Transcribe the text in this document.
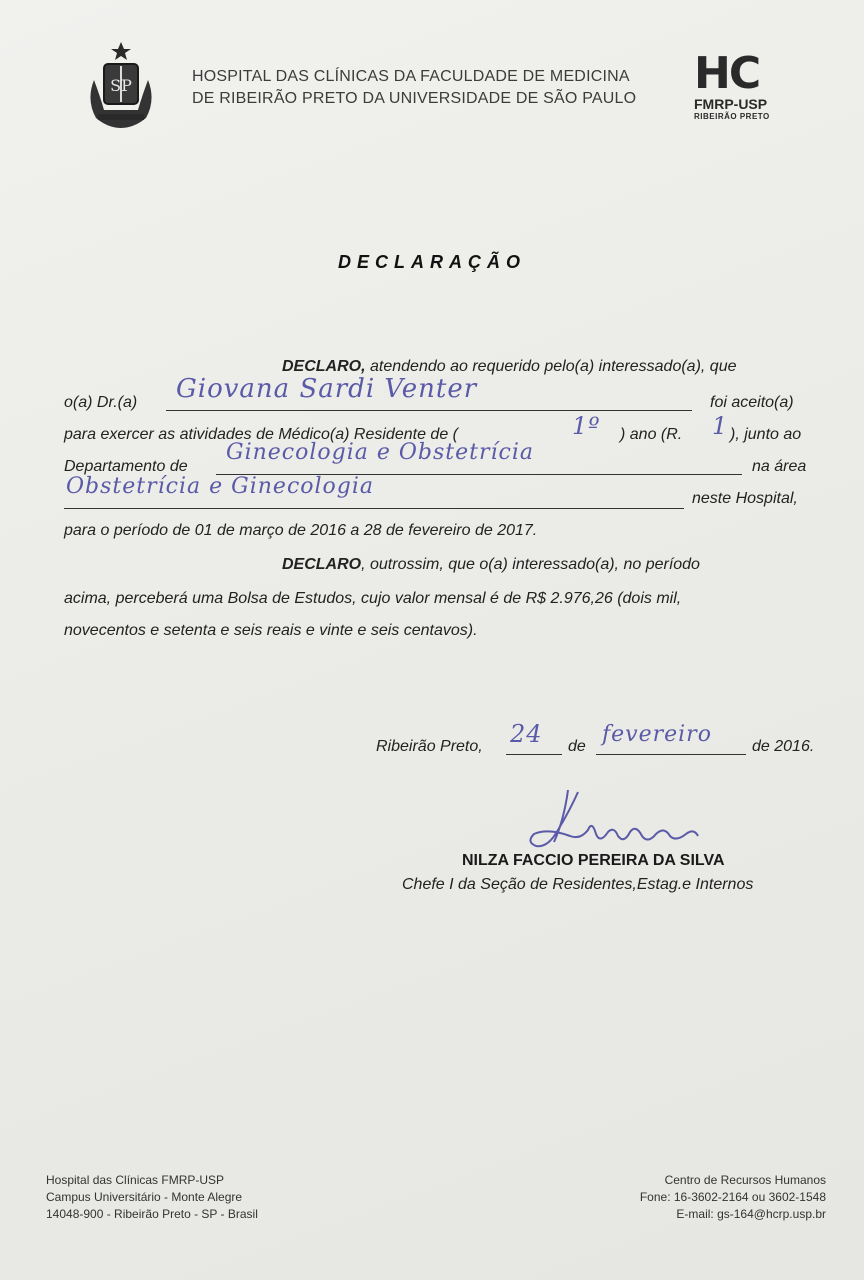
SP	HOSPITAL DAS CLÍNICAS DA FACULDADE DE MEDICINA
DE RIBEIRÃO PRETO DA UNIVERSIDADE DE SÃO PAULO HC
FMRP-USP
RIBEIRÃO PRETO
DECLARAÇÃO
DECLARO, atendendo ao requerido pelo(a) interessado(a), que
o(a) Dr.(a) Giovana Sardi Venter	foi aceito(a)
para exercer as atividades de Médico(a) Residente de (	1º ) ano (R. 1 ), junto ao
Departamento de
Ginecologia e Obstetrícia
na área
Obstetrícia e Ginecologia	neste Hospital,
para o período de 01 de março de 2016 a 28 de fevereiro de 2017.
DECLARO, outrossim, que o(a) interessado(a), no período
acima, perceberá uma Bolsa de Estudos, cujo valor mensal é de R$ 2.976,26 (dois mil,
novecentos e setenta e seis reais e vinte e seis centavos).
Ribeirão Preto, 24 de fevereiro	de 2016.
NILZA FACCIO PEREIRA DA SILVA
Chefe I da Seção de Residentes,Estag.e Internos
Hospital das Clínicas FMRP-USP
Campus Universitário - Monte Alegre
14048-900 - Ribeirão Preto - SP - Brasil
Centro de Recursos Humanos
Fone: 16-3602-2164 ou 3602-1548
E-mail: gs-164@hcrp.usp.br
